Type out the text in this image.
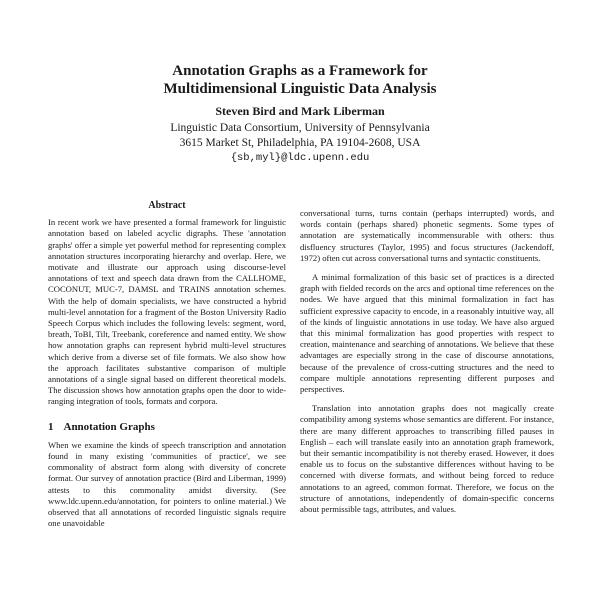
Annotation Graphs as a Framework for
Multidimensional Linguistic Data Analysis
Steven Bird and Mark Liberman
Linguistic Data Consortium, University of Pennsylvania
3615 Market St, Philadelphia, PA 19104-2608, USA
{sb,myl}@ldc.upenn.edu
Abstract

In recent work we have presented a formal framework for linguistic annotation based on labeled acyclic digraphs. These 'annotation graphs' offer a simple yet powerful method for representing complex annotation structures incorporating hierarchy and overlap. Here, we motivate and illustrate our approach using discourse-level annotations of text and speech data drawn from the CALLHOME, COCONUT, MUC-7, DAMSL and TRAINS annotation schemes. With the help of domain specialists, we have constructed a hybrid multi-level annotation for a fragment of the Boston University Radio Speech Corpus which includes the following levels: segment, word, breath, ToBI, Tilt, Treebank, coreference and named entity. We show how annotation graphs can represent hybrid multi-level structures which derive from a diverse set of file formats. We also show how the approach facilitates substantive comparison of multiple annotations of a single signal based on different theoretical models. The discussion shows how annotation graphs open the door to wide-ranging integration of tools, formats and corpora.

1 Annotation Graphs

When we examine the kinds of speech transcription and annotation found in many existing 'communities of practice', we see commonality of abstract form along with diversity of concrete format. Our survey of annotation practice (Bird and Liberman, 1999) attests to this commonality amidst diversity. (See www.ldc.upenn.edu/annotation, for pointers to online material.) We observed that all annotations of recorded linguistic signals require one unavoidable

conversational turns, turns contain (perhaps interrupted) words, and words contain (perhaps shared) phonetic segments. Some types of annotation are systematically incommensurable with others: thus disfluency structures (Taylor, 1995) and focus structures (Jackendoff, 1972) often cut across conversational turns and syntactic constituents.

A minimal formalization of this basic set of practices is a directed graph with fielded records on the arcs and optional time references on the nodes. We have argued that this minimal formalization in fact has sufficient expressive capacity to encode, in a reasonably intuitive way, all of the kinds of linguistic annotations in use today. We have also argued that this minimal formalization has good properties with respect to creation, maintenance and searching of annotations. We believe that these advantages are especially strong in the case of discourse annotations, because of the prevalence of cross-cutting structures and the need to compare multiple annotations representing different purposes and perspectives.

Translation into annotation graphs does not magically create compatibility among systems whose semantics are different. For instance, there are many different approaches to transcribing filled pauses in English – each will translate easily into an annotation graph framework, but their semantic incompatibility is not thereby erased. However, it does enable us to focus on the substantive differences without having to be concerned with diverse formats, and without being forced to reduce annotations to an agreed, common format. Therefore, we focus on the structure of annotations, independently of domain-specific concerns about permissible tags, attributes, and values.
